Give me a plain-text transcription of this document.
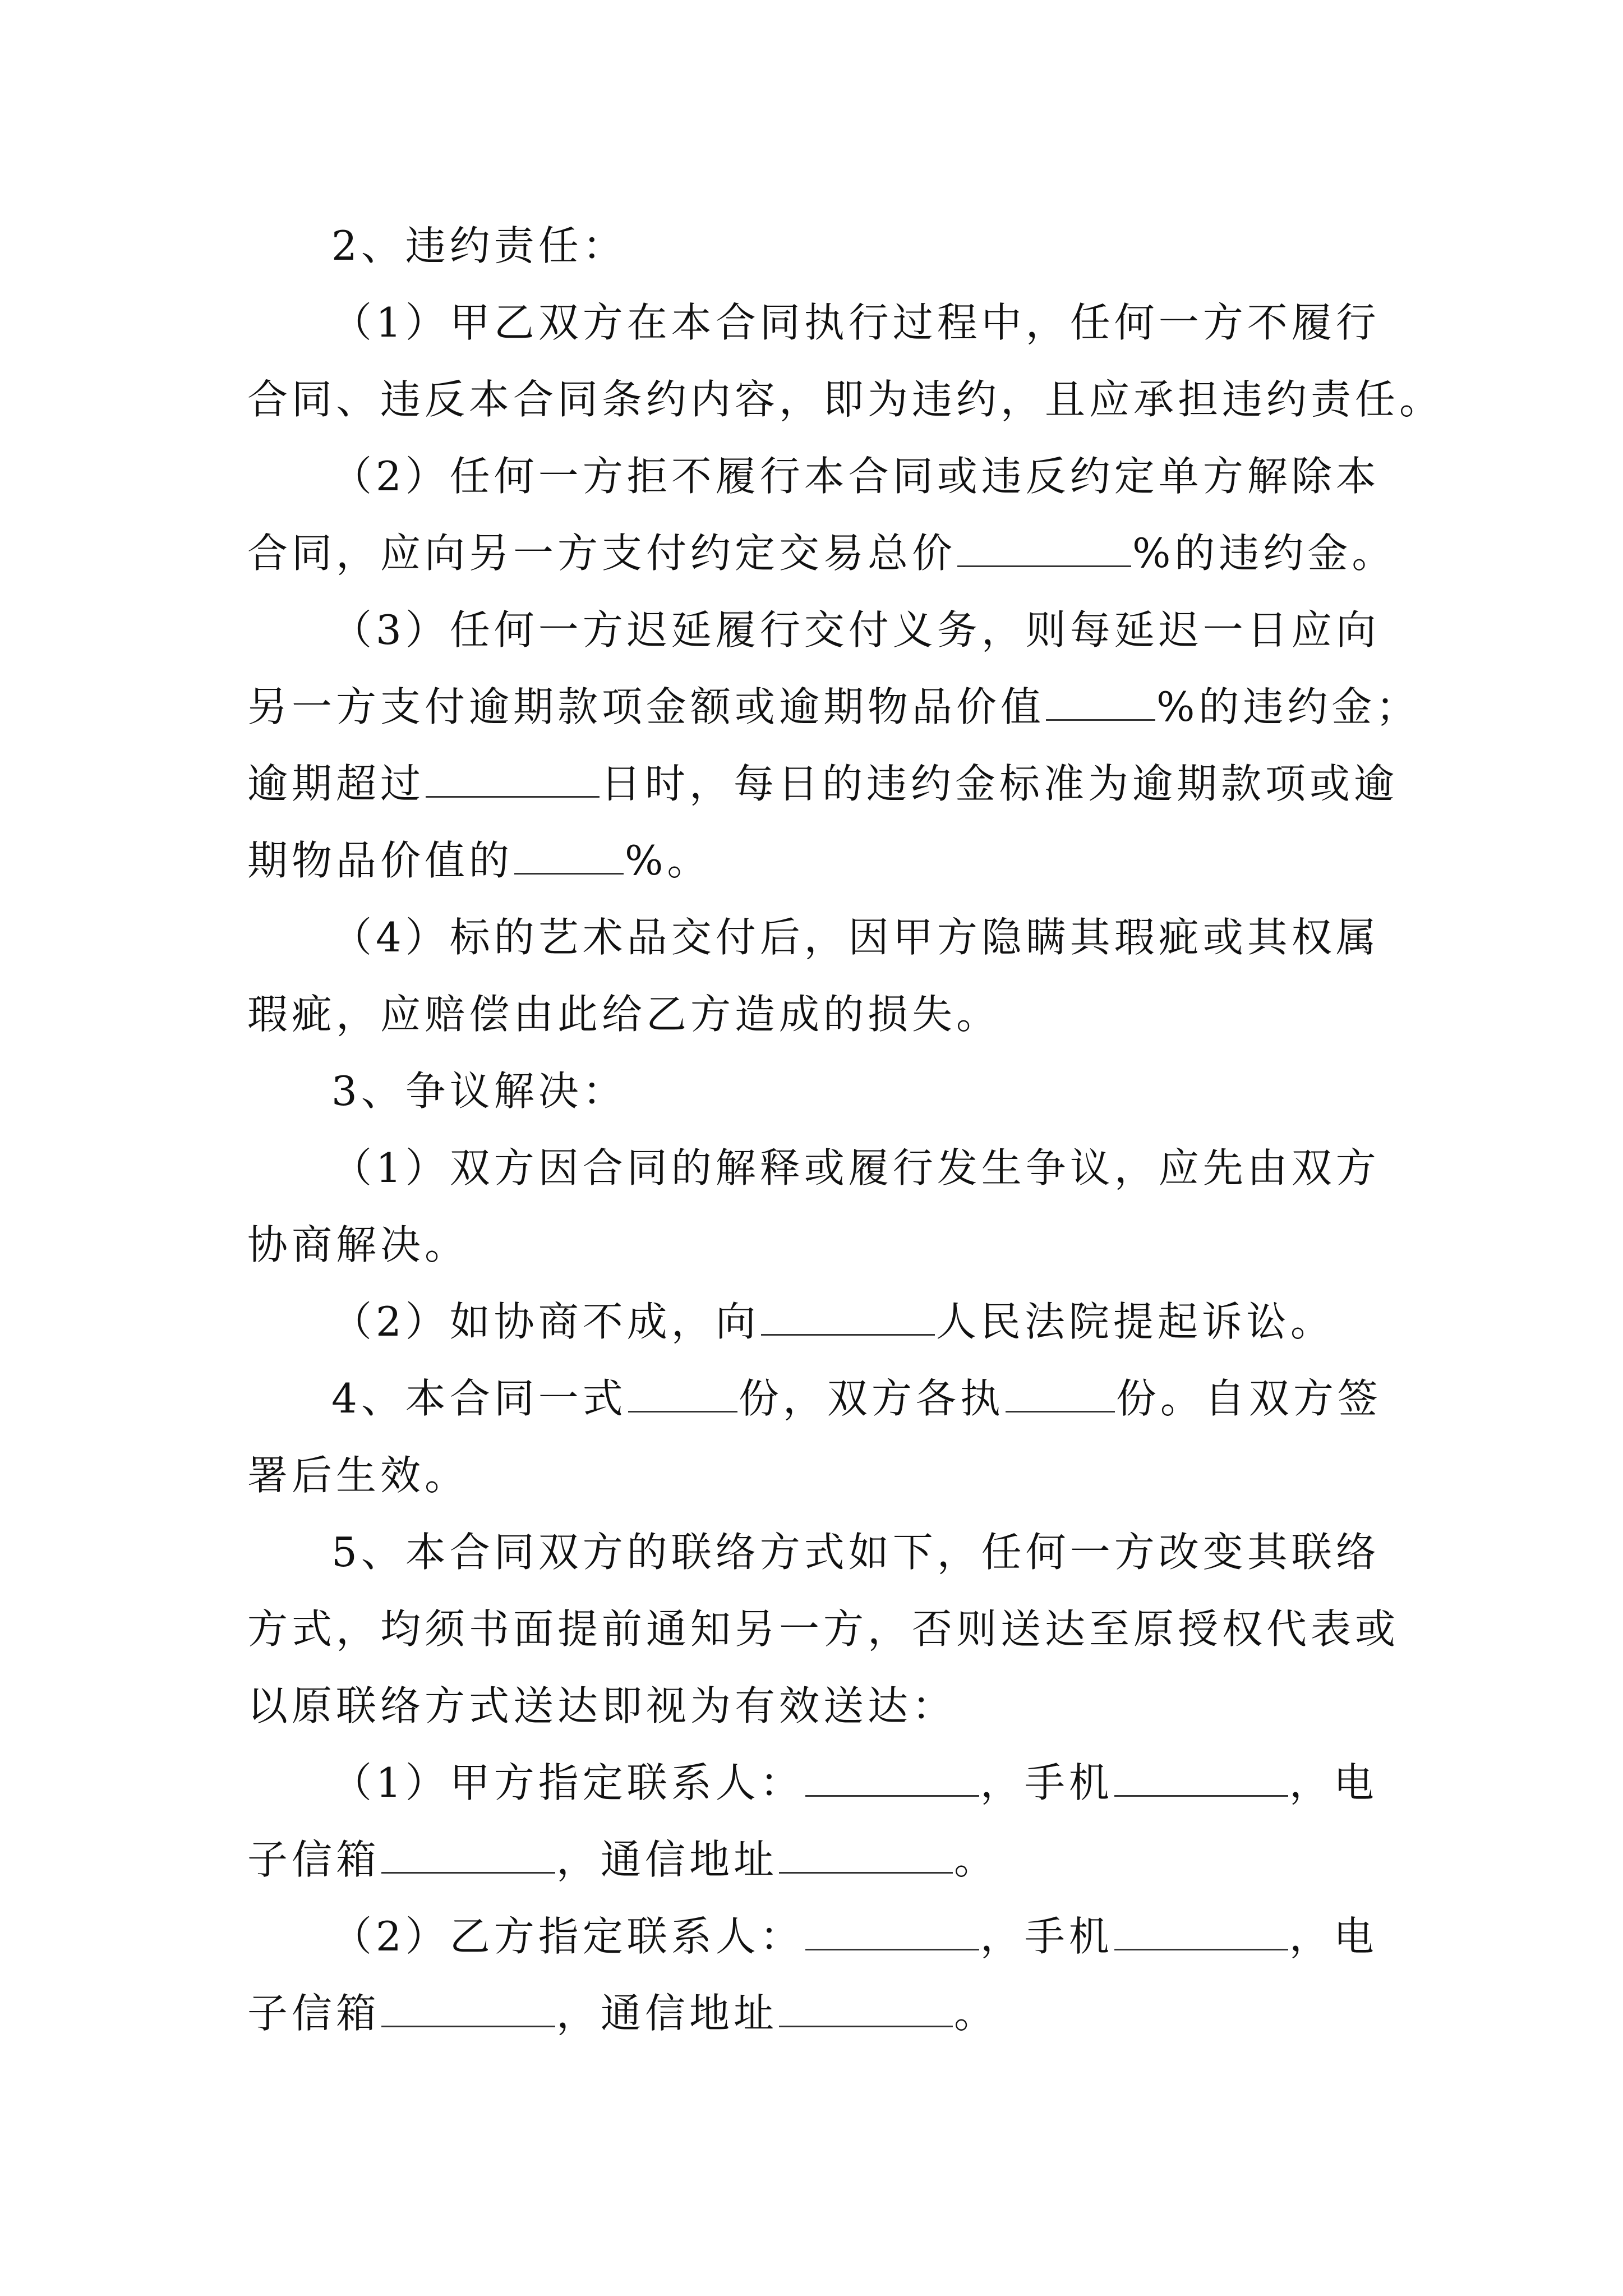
2、违约责任：
（1）甲乙双方在本合同执行过程中，任何一方不履行
合同、违反本合同条约内容，即为违约，且应承担违约责任。
（2）任何一方拒不履行本合同或违反约定单方解除本
合同，应向另一方支付约定交易总价	%的违约金。
（3）任何一方迟延履行交付义务，则每延迟一日应向
另一方支付逾期款项金额或逾期物品价值	%的违约金；
逾期超过	日时，每日的违约金标准为逾期款项或逾
期物品价值的	%。
（4）标的艺术品交付后，因甲方隐瞒其瑕疵或其权属
瑕疵，应赔偿由此给乙方造成的损失。
3、争议解决：
（1）双方因合同的解释或履行发生争议，应先由双方
协商解决。
（2）如协商不成，向	人民法院提起诉讼。
4、本合同一式	份，双方各执	份。自双方签
署后生效。
5、本合同双方的联络方式如下，任何一方改变其联络
方式，均须书面提前通知另一方，否则送达至原授权代表或
以原联络方式送达即视为有效送达：
（1）甲方指定联系人：	，手机	，电
子信箱	，通信地址	。
（2）乙方指定联系人：	，手机	，电
子信箱	，通信地址	。
